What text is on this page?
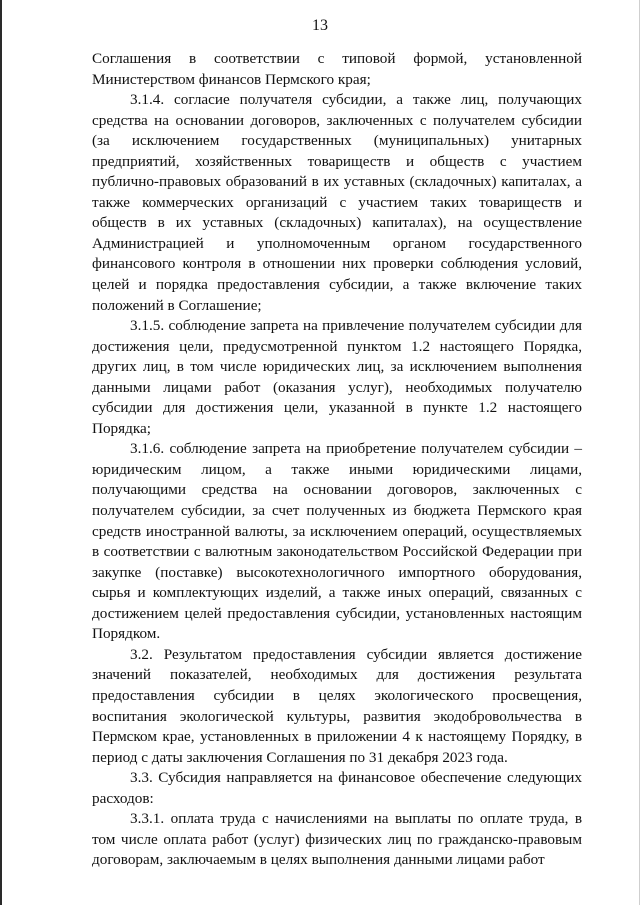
13

Соглашения в соответствии с типовой формой, установленной Министерством финансов Пермского края;

3.1.4. согласие получателя субсидии, а также лиц, получающих средства на основании договоров, заключенных с получателем субсидии (за исключением государственных (муниципальных) унитарных предприятий, хозяйственных товариществ и обществ с участием публично-правовых образований в их уставных (складочных) капиталах, а также коммерческих организаций с участием таких товариществ и обществ в их уставных (складочных) капиталах), на осуществление Администрацией и уполномоченным органом государственного финансового контроля в отношении них проверки соблюдения условий, целей и порядка предоставления субсидии, а также включение таких положений в Соглашение;

3.1.5. соблюдение запрета на привлечение получателем субсидии для достижения цели, предусмотренной пунктом 1.2 настоящего Порядка, других лиц, в том числе юридических лиц, за исключением выполнения данными лицами работ (оказания услуг), необходимых получателю субсидии для достижения цели, указанной в пункте 1.2 настоящего Порядка;

3.1.6. соблюдение запрета на приобретение получателем субсидии – юридическим лицом, а также иными юридическими лицами, получающими средства на основании договоров, заключенных с получателем субсидии, за счет полученных из бюджета Пермского края средств иностранной валюты, за исключением операций, осуществляемых в соответствии с валютным законодательством Российской Федерации при закупке (поставке) высокотехнологичного импортного оборудования, сырья и комплектующих изделий, а также иных операций, связанных с достижением целей предоставления субсидии, установленных настоящим Порядком.

3.2. Результатом предоставления субсидии является достижение значений показателей, необходимых для достижения результата предоставления субсидии в целях экологического просвещения, воспитания экологической культуры, развития экодобровольчества в Пермском крае, установленных в приложении 4 к настоящему Порядку, в период с даты заключения Соглашения по 31 декабря 2023 года.

3.3. Субсидия направляется на финансовое обеспечение следующих расходов:

3.3.1. оплата труда с начислениями на выплаты по оплате труда, в том числе оплата работ (услуг) физических лиц по гражданско-правовым договорам, заключаемым в целях выполнения данными лицами работ
